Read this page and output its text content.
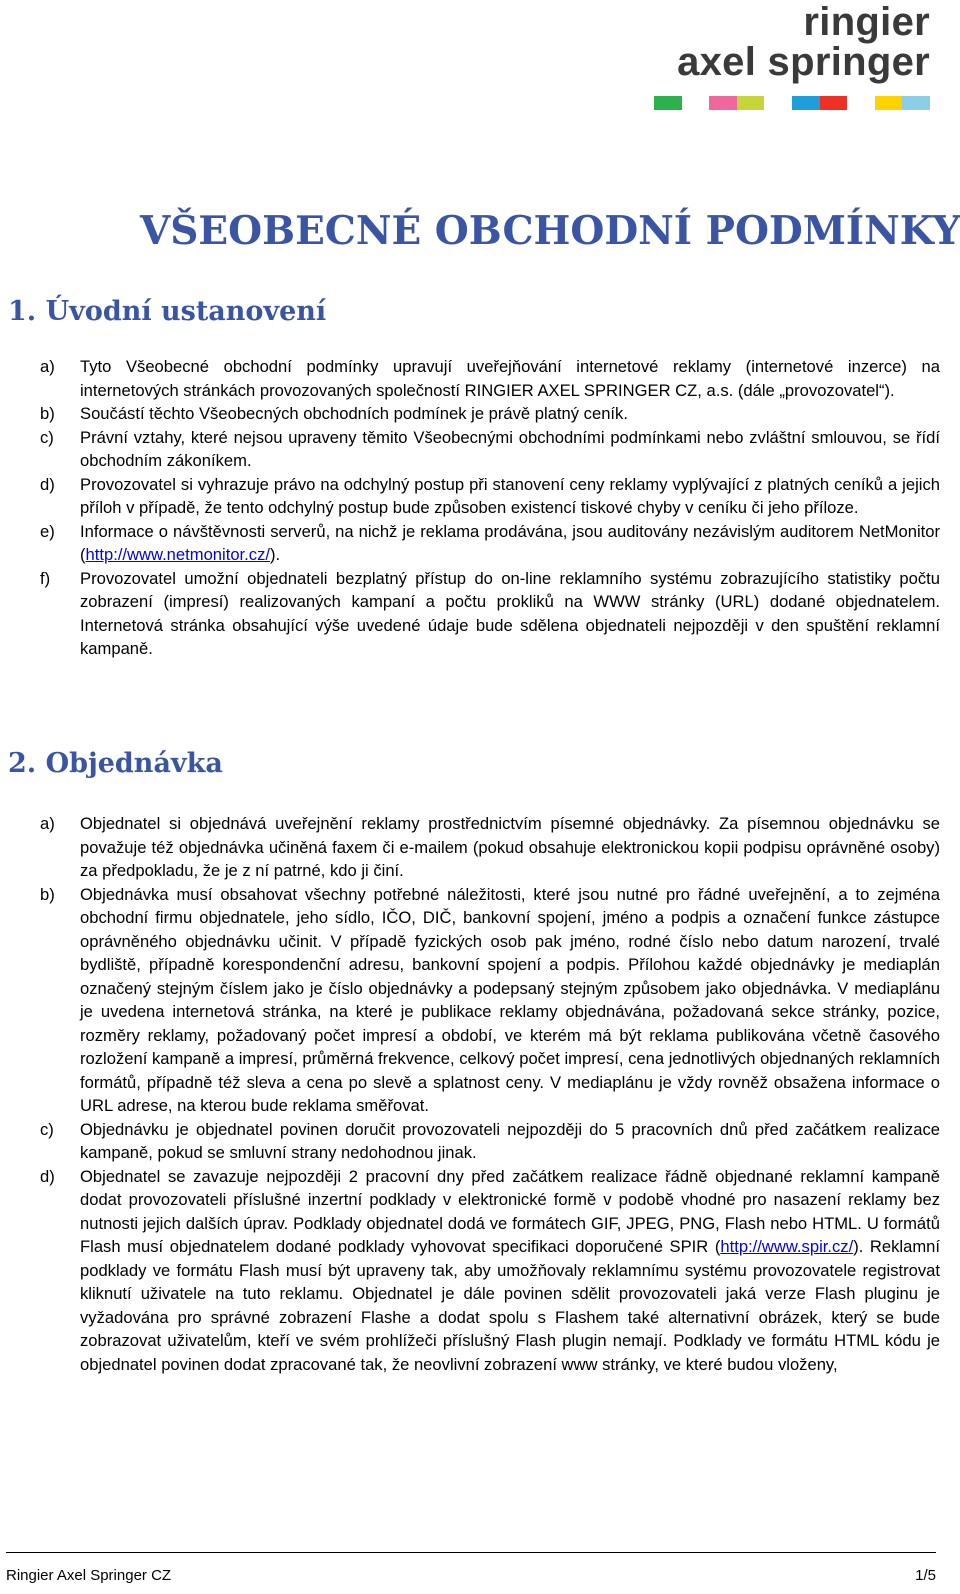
ringier
axel springer
VŠEOBECNÉ OBCHODNÍ PODMÍNKY
1. Úvodní ustanovení
a) Tyto Všeobecné obchodní podmínky upravují uveřejňování internetové reklamy (internetové inzerce) na internetových stránkách provozovaných společností RINGIER AXEL SPRINGER CZ, a.s. (dále „provozovatel“).
b) Součástí těchto Všeobecných obchodních podmínek je právě platný ceník.
c) Právní vztahy, které nejsou upraveny těmito Všeobecnými obchodními podmínkami nebo zvláštní smlouvou, se řídí obchodním zákoníkem.
d) Provozovatel si vyhrazuje právo na odchylný postup při stanovení ceny reklamy vyplývající z platných ceníků a jejich příloh v případě, že tento odchylný postup bude způsoben existencí tiskové chyby v ceníku či jeho příloze.
e) Informace o návštěvnosti serverů, na nichž je reklama prodávána, jsou auditovány nezávislým auditorem NetMonitor (http://www.netmonitor.cz/).
f) Provozovatel umožní objednateli bezplatný přístup do on-line reklamního systému zobrazujícího statistiky počtu zobrazení (impresí) realizovaných kampaní a počtu prokliků na WWW stránky (URL) dodané objednatelem. Internetová stránka obsahující výše uvedené údaje bude sdělena objednateli nejpozději v den spuštění reklamní kampaně.
2. Objednávka
a) Objednatel si objednává uveřejnění reklamy prostřednictvím písemné objednávky. Za písemnou objednávku se považuje též objednávka učiněná faxem či e-mailem (pokud obsahuje elektronickou kopii podpisu oprávněné osoby) za předpokladu, že je z ní patrné, kdo ji činí.
b) Objednávka musí obsahovat všechny potřebné náležitosti, které jsou nutné pro řádné uveřejnění, a to zejména obchodní firmu objednatele, jeho sídlo, IČO, DIČ, bankovní spojení, jméno a podpis a označení funkce zástupce oprávněného objednávku učinit. V případě fyzických osob pak jméno, rodné číslo nebo datum narození, trvalé bydliště, případně korespondenční adresu, bankovní spojení a podpis. Přílohou každé objednávky je mediaplán označený stejným číslem jako je číslo objednávky a podepsaný stejným způsobem jako objednávka. V mediaplánu je uvedena internetová stránka, na které je publikace reklamy objednávána, požadovaná sekce stránky, pozice, rozměry reklamy, požadovaný počet impresí a období, ve kterém má být reklama publikována včetně časového rozložení kampaně a impresí, průměrná frekvence, celkový počet impresí, cena jednotlivých objednaných reklamních formátů, případně též sleva a cena po slevě a splatnost ceny. V mediaplánu je vždy rovněž obsažena informace o URL adrese, na kterou bude reklama směřovat.
c) Objednávku je objednatel povinen doručit provozovateli nejpozději do 5 pracovních dnů před začátkem realizace kampaně, pokud se smluvní strany nedohodnou jinak.
d) Objednatel se zavazuje nejpozději 2 pracovní dny před začátkem realizace řádně objednané reklamní kampaně dodat provozovateli příslušné inzertní podklady v elektronické formě v podobě vhodné pro nasazení reklamy bez nutnosti jejich dalších úprav. Podklady objednatel dodá ve formátech GIF, JPEG, PNG, Flash nebo HTML. U formátů Flash musí objednatelem dodané podklady vyhovovat specifikaci doporučené SPIR (http://www.spir.cz/). Reklamní podklady ve formátu Flash musí být upraveny tak, aby umožňovaly reklamnímu systému provozovatele registrovat kliknutí uživatele na tuto reklamu. Objednatel je dále povinen sdělit provozovateli jaká verze Flash pluginu je vyžadována pro správné zobrazení Flashe a dodat spolu s Flashem také alternativní obrázek, který se bude zobrazovat uživatelům, kteří ve svém prohlížeči příslušný Flash plugin nemají. Podklady ve formátu HTML kódu je objednatel povinen dodat zpracované tak, že neovlivní zobrazení www stránky, ve které budou vloženy,
Ringier Axel Springer CZ	1/5
